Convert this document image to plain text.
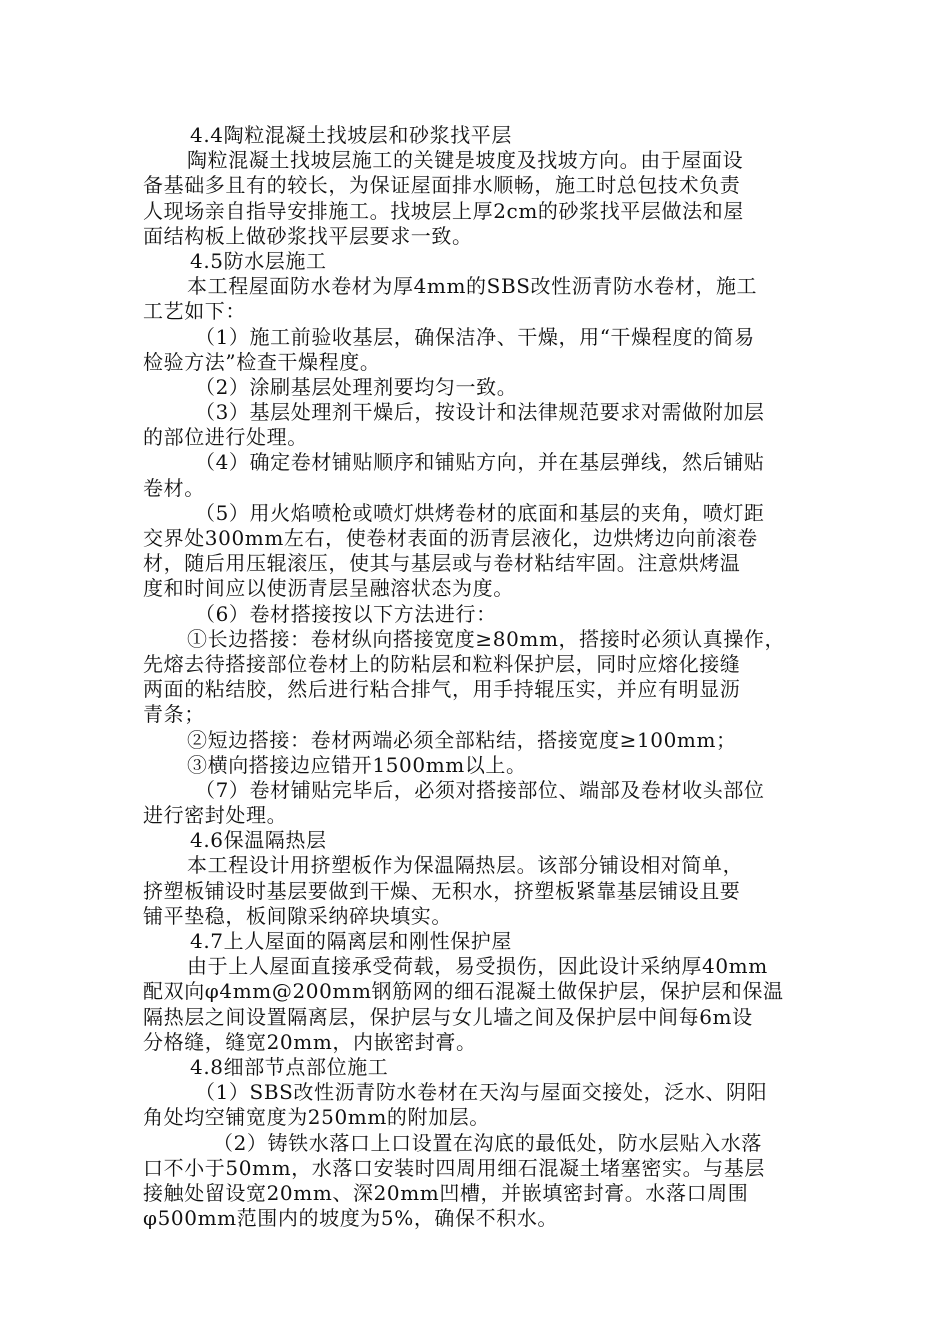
4.4陶粒混凝土找坡层和砂浆找平层
陶粒混凝土找坡层施工的关键是坡度及找坡方向。由于屋面设
备基础多且有的较长，为保证屋面排水顺畅，施工时总包技术负责
人现场亲自指导安排施工。找坡层上厚2cm的砂浆找平层做法和屋
面结构板上做砂浆找平层要求一致。
4.5防水层施工
本工程屋面防水卷材为厚4mm的SBS改性沥青防水卷材，施工
工艺如下：
（1）施工前验收基层，确保洁净、干燥，用“干燥程度的简易
检验方法”检查干燥程度。
（2）涂刷基层处理剂要均匀一致。
（3）基层处理剂干燥后，按设计和法律规范要求对需做附加层
的部位进行处理。
（4）确定卷材铺贴顺序和铺贴方向，并在基层弹线，然后铺贴
卷材。
（5）用火焰喷枪或喷灯烘烤卷材的底面和基层的夹角，喷灯距
交界处300mm左右，使卷材表面的沥青层液化，边烘烤边向前滚卷
材，随后用压辊滚压，使其与基层或与卷材粘结牢固。注意烘烤温
度和时间应以使沥青层呈融溶状态为度。
（6）卷材搭接按以下方法进行：
①长边搭接：卷材纵向搭接宽度≥80mm，搭接时必须认真操作，
先熔去待搭接部位卷材上的防粘层和粒料保护层，同时应熔化接缝
两面的粘结胶，然后进行粘合排气，用手持辊压实，并应有明显沥
青条；
②短边搭接：卷材两端必须全部粘结，搭接宽度≥100mm；
③横向搭接边应错开1500mm以上。
（7）卷材铺贴完毕后，必须对搭接部位、端部及卷材收头部位
进行密封处理。
4.6保温隔热层
本工程设计用挤塑板作为保温隔热层。该部分铺设相对简单，
挤塑板铺设时基层要做到干燥、无积水，挤塑板紧靠基层铺设且要
铺平垫稳，板间隙采纳碎块填实。
4.7上人屋面的隔离层和刚性保护屋
由于上人屋面直接承受荷载，易受损伤，因此设计采纳厚40mm
配双向φ4mm@200mm钢筋网的细石混凝土做保护层，保护层和保温
隔热层之间设置隔离层，保护层与女儿墙之间及保护层中间每6m设
分格缝，缝宽20mm，内嵌密封膏。
4.8细部节点部位施工
（1）SBS改性沥青防水卷材在天沟与屋面交接处，泛水、阴阳
角处均空铺宽度为250mm的附加层。
（2）铸铁水落口上口设置在沟底的最低处，防水层贴入水落
口不小于50mm，水落口安装时四周用细石混凝土堵塞密实。与基层
接触处留设宽20mm、深20mm凹槽，并嵌填密封膏。水落口周围
φ500mm范围内的坡度为5%，确保不积水。
